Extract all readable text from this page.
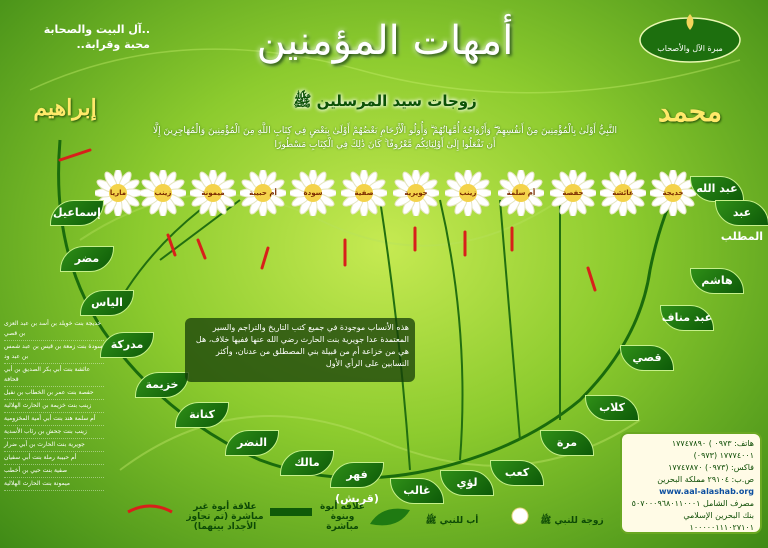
مبرة الآل والأصحاب
آل البيت والصحابة..
..محبة وقرابة	أمهات المؤمنين
زوجات سيد المرسلين ﷺ
إبراهيم	محمد
النَّبِيُّ أَوْلَىٰ بِالْمُؤْمِنِينَ مِنْ أَنفُسِهِمْ ۖ وَأَزْوَاجُهُ أُمَّهَاتُهُمْ ۗ وَأُولُو الْأَرْحَامِ بَعْضُهُمْ أَوْلَىٰ بِبَعْضٍ فِي كِتَابِ اللَّهِ مِنَ الْمُؤْمِنِينَ وَالْمُهَاجِرِينَ إِلَّا أَن تَفْعَلُوا إِلَىٰ أَوْلِيَائِكُم مَّعْرُوفًا ۚ كَانَ ذَٰلِكَ فِي الْكِتَابِ مَسْطُورًا
خديجة
عائشة
حفصة
أم سلمة
زينب
جويرية
صفية
سودة
أم حبيبة
ميمونة
زينب
ماريا	عبد الله
عبد المطلب
هاشم
عبد مناف
قصي
كلاب
مرة
كعب
لؤي
غالب
فهر (قريش)
مالك
النضر
كنانة
خزيمة
مدركة
الياس
مضر
إسماعيل
هذه الأنساب موجودة في جميع كتب التاريخ والتراجم والسير المعتمدة عدا جويرية بنت الحارث رضي الله عنها ففيها خلاف، هل هي من خزاعة أم من قبيلة بني المصطلق من عدنان، وأكثر النسابين على الرأي الأول
خديجة بنت خويلد بن أسد بن عبد العزى بن قصي
سودة بنت زمعة بن قيس بن عبد شمس بن عبد ود
عائشة بنت أبي بكر الصديق بن أبي قحافة
حفصة بنت عمر بن الخطاب بن نفيل
زينب بنت خزيمة بن الحارث الهلالية
أم سلمة هند بنت أبي أمية المخزومية
زينب بنت جحش بن رئاب الأسدية
جويرية بنت الحارث بن أبي ضرار
أم حبيبة رملة بنت أبي سفيان
صفية بنت حيي بن أخطب
ميمونة بنت الحارث الهلالية
هاتف: ٠٩٧٣ ) ١٧٧٤٧٨٩٠
(٠٩٧٣) ١٧٧٧٤٠٠١
فاكس: (٠٩٧٣) ١٧٧٤٧٨٧٠
ص.ب: ٢٩١٠٤ مملكة البحرين
www.aal-alashab.org
مصرف الشامل ٥٠٧٠٠٠٩٦٨٠١١٠٠٠١
بنك البحرين الإسلامي ١٠٠٠٠٠١١١٠٢٧١٠١
علاقة أبوة غير مباشرة (تم تجاوز الأجداد بينهما)
علاقة أبوة وبنوة مباشرة
أب للنبي ﷺ	زوجة للنبي ﷺ
